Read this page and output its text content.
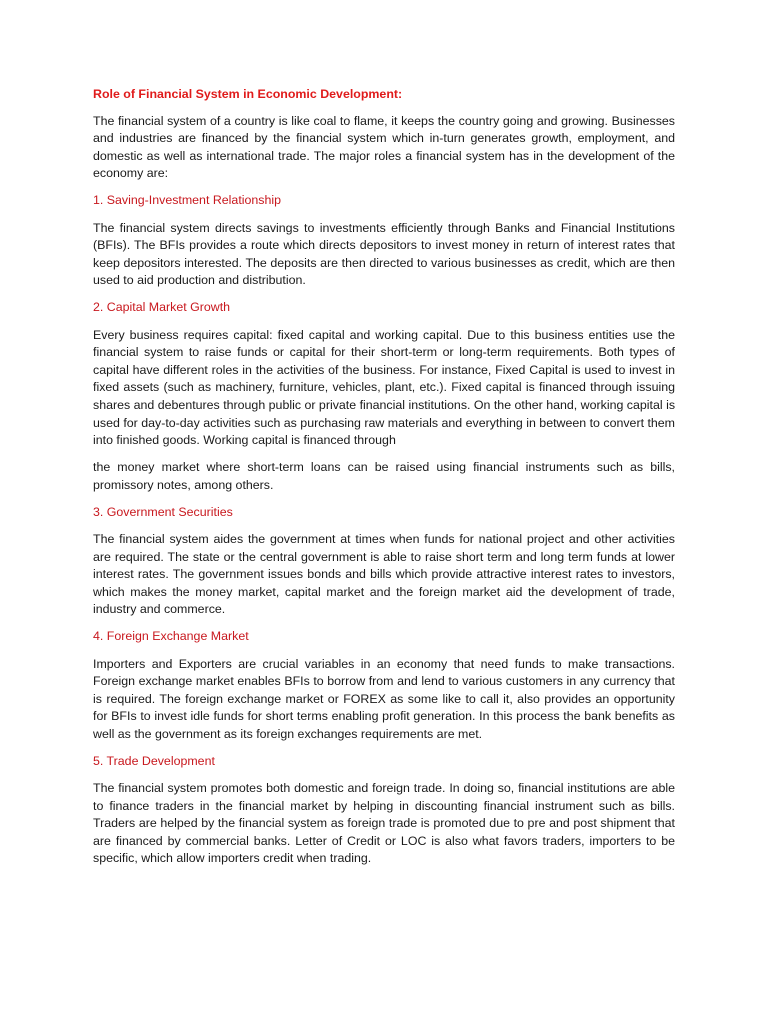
Role of Financial System in Economic Development:

The financial system of a country is like coal to flame, it keeps the country going and growing. Businesses and industries are financed by the financial system which in-turn generates growth, employment, and domestic as well as international trade. The major roles a financial system has in the development of the economy are:

1. Saving-Investment Relationship

The financial system directs savings to investments efficiently through Banks and Financial Institutions (BFIs). The BFIs provides a route which directs depositors to invest money in return of interest rates that keep depositors interested. The deposits are then directed to various businesses as credit, which are then used to aid production and distribution.

2. Capital Market Growth

Every business requires capital: fixed capital and working capital. Due to this business entities use the financial system to raise funds or capital for their short-term or long-term requirements. Both types of capital have different roles in the activities of the business. For instance, Fixed Capital is used to invest in fixed assets (such as machinery, furniture, vehicles, plant, etc.). Fixed capital is financed through issuing shares and debentures through public or private financial institutions. On the other hand, working capital is used for day-to-day activities such as purchasing raw materials and everything in between to convert them into finished goods. Working capital is financed through

the money market where short-term loans can be raised using financial instruments such as bills, promissory notes, among others.

3. Government Securities

The financial system aides the government at times when funds for national project and other activities are required. The state or the central government is able to raise short term and long term funds at lower interest rates. The government issues bonds and bills which provide attractive interest rates to investors, which makes the money market, capital market and the foreign market aid the development of trade, industry and commerce.

4. Foreign Exchange Market

Importers and Exporters are crucial variables in an economy that need funds to make transactions. Foreign exchange market enables BFIs to borrow from and lend to various customers in any currency that is required. The foreign exchange market or FOREX as some like to call it, also provides an opportunity for BFIs to invest idle funds for short terms enabling profit generation. In this process the bank benefits as well as the government as its foreign exchanges requirements are met.

5. Trade Development

The financial system promotes both domestic and foreign trade. In doing so, financial institutions are able to finance traders in the financial market by helping in discounting financial instrument such as bills. Traders are helped by the financial system as foreign trade is promoted due to pre and post shipment that are financed by commercial banks. Letter of Credit or LOC is also what favors traders, importers to be specific, which allow importers credit when trading.
